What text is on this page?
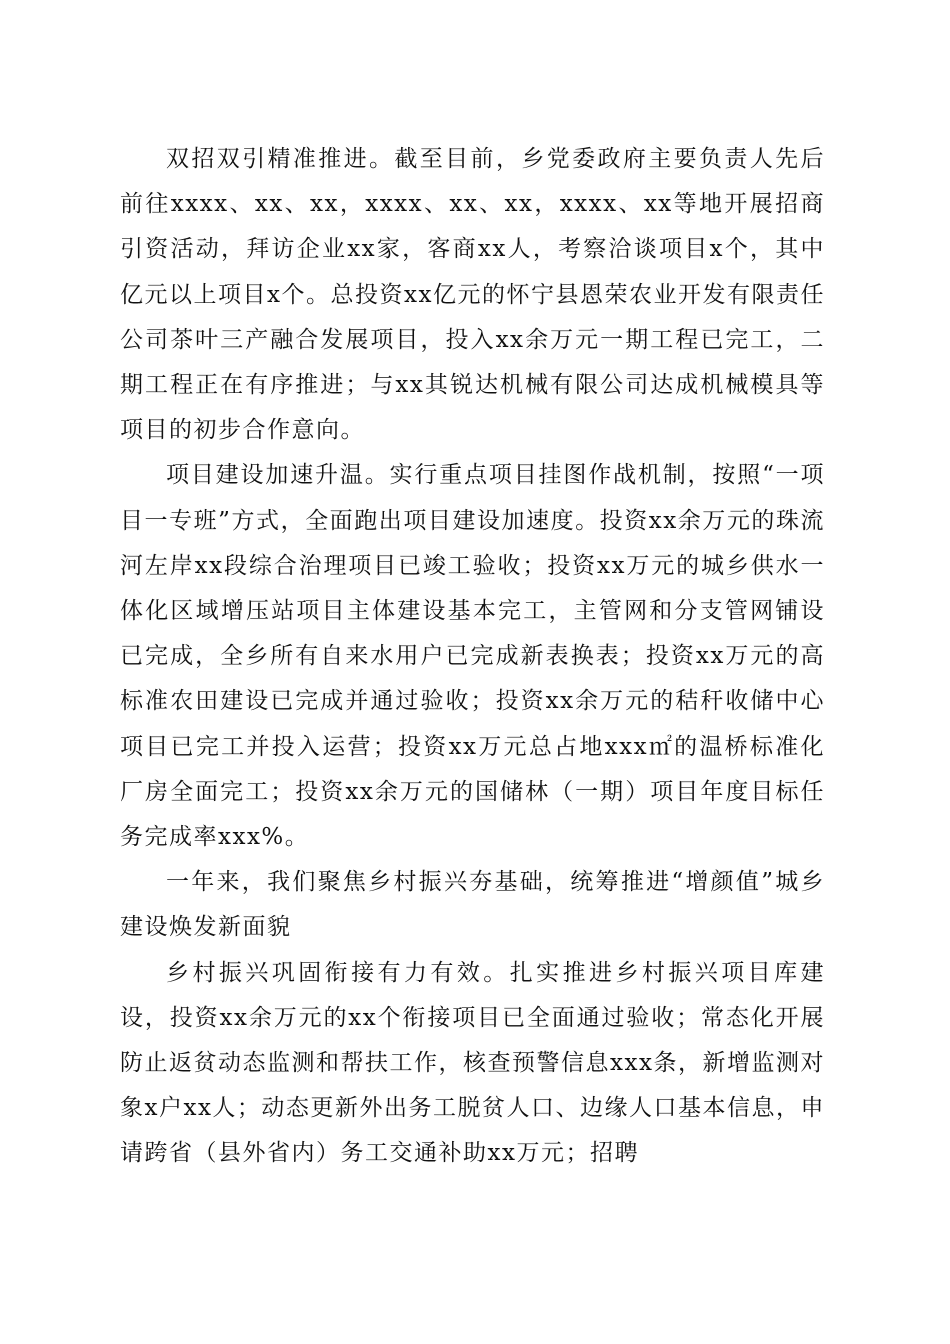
双招双引精准推进。截至目前，乡党委政府主要负责人先后前往xxxx、xx、xx，xxxx、xx、xx，xxxx、xx等地开展招商引资活动，拜访企业xx家，客商xx人，考察洽谈项目x个，其中亿元以上项目x个。总投资xx亿元的怀宁县恩荣农业开发有限责任公司茶叶三产融合发展项目，投入xx余万元一期工程已完工，二期工程正在有序推进；与xx其锐达机械有限公司达成机械模具等项目的初步合作意向。

项目建设加速升温。实行重点项目挂图作战机制，按照“一项目一专班”方式，全面跑出项目建设加速度。投资xx余万元的珠流河左岸xx段综合治理项目已竣工验收；投资xx万元的城乡供水一体化区域增压站项目主体建设基本完工，主管网和分支管网铺设已完成，全乡所有自来水用户已完成新表换表；投资xx万元的高标准农田建设已完成并通过验收；投资xx余万元的秸秆收储中心项目已完工并投入运营；投资xx万元总占地xxx㎡的温桥标准化厂房全面完工；投资xx余万元的国储林（一期）项目年度目标任务完成率xxx%。

一年来，我们聚焦乡村振兴夯基础，统筹推进“增颜值”城乡建设焕发新面貌

乡村振兴巩固衔接有力有效。扎实推进乡村振兴项目库建设，投资xx余万元的xx个衔接项目已全面通过验收；常态化开展防止返贫动态监测和帮扶工作，核查预警信息xxx条，新增监测对象x户xx人；动态更新外出务工脱贫人口、边缘人口基本信息，申请跨省（县外省内）务工交通补助xx万元；招聘
